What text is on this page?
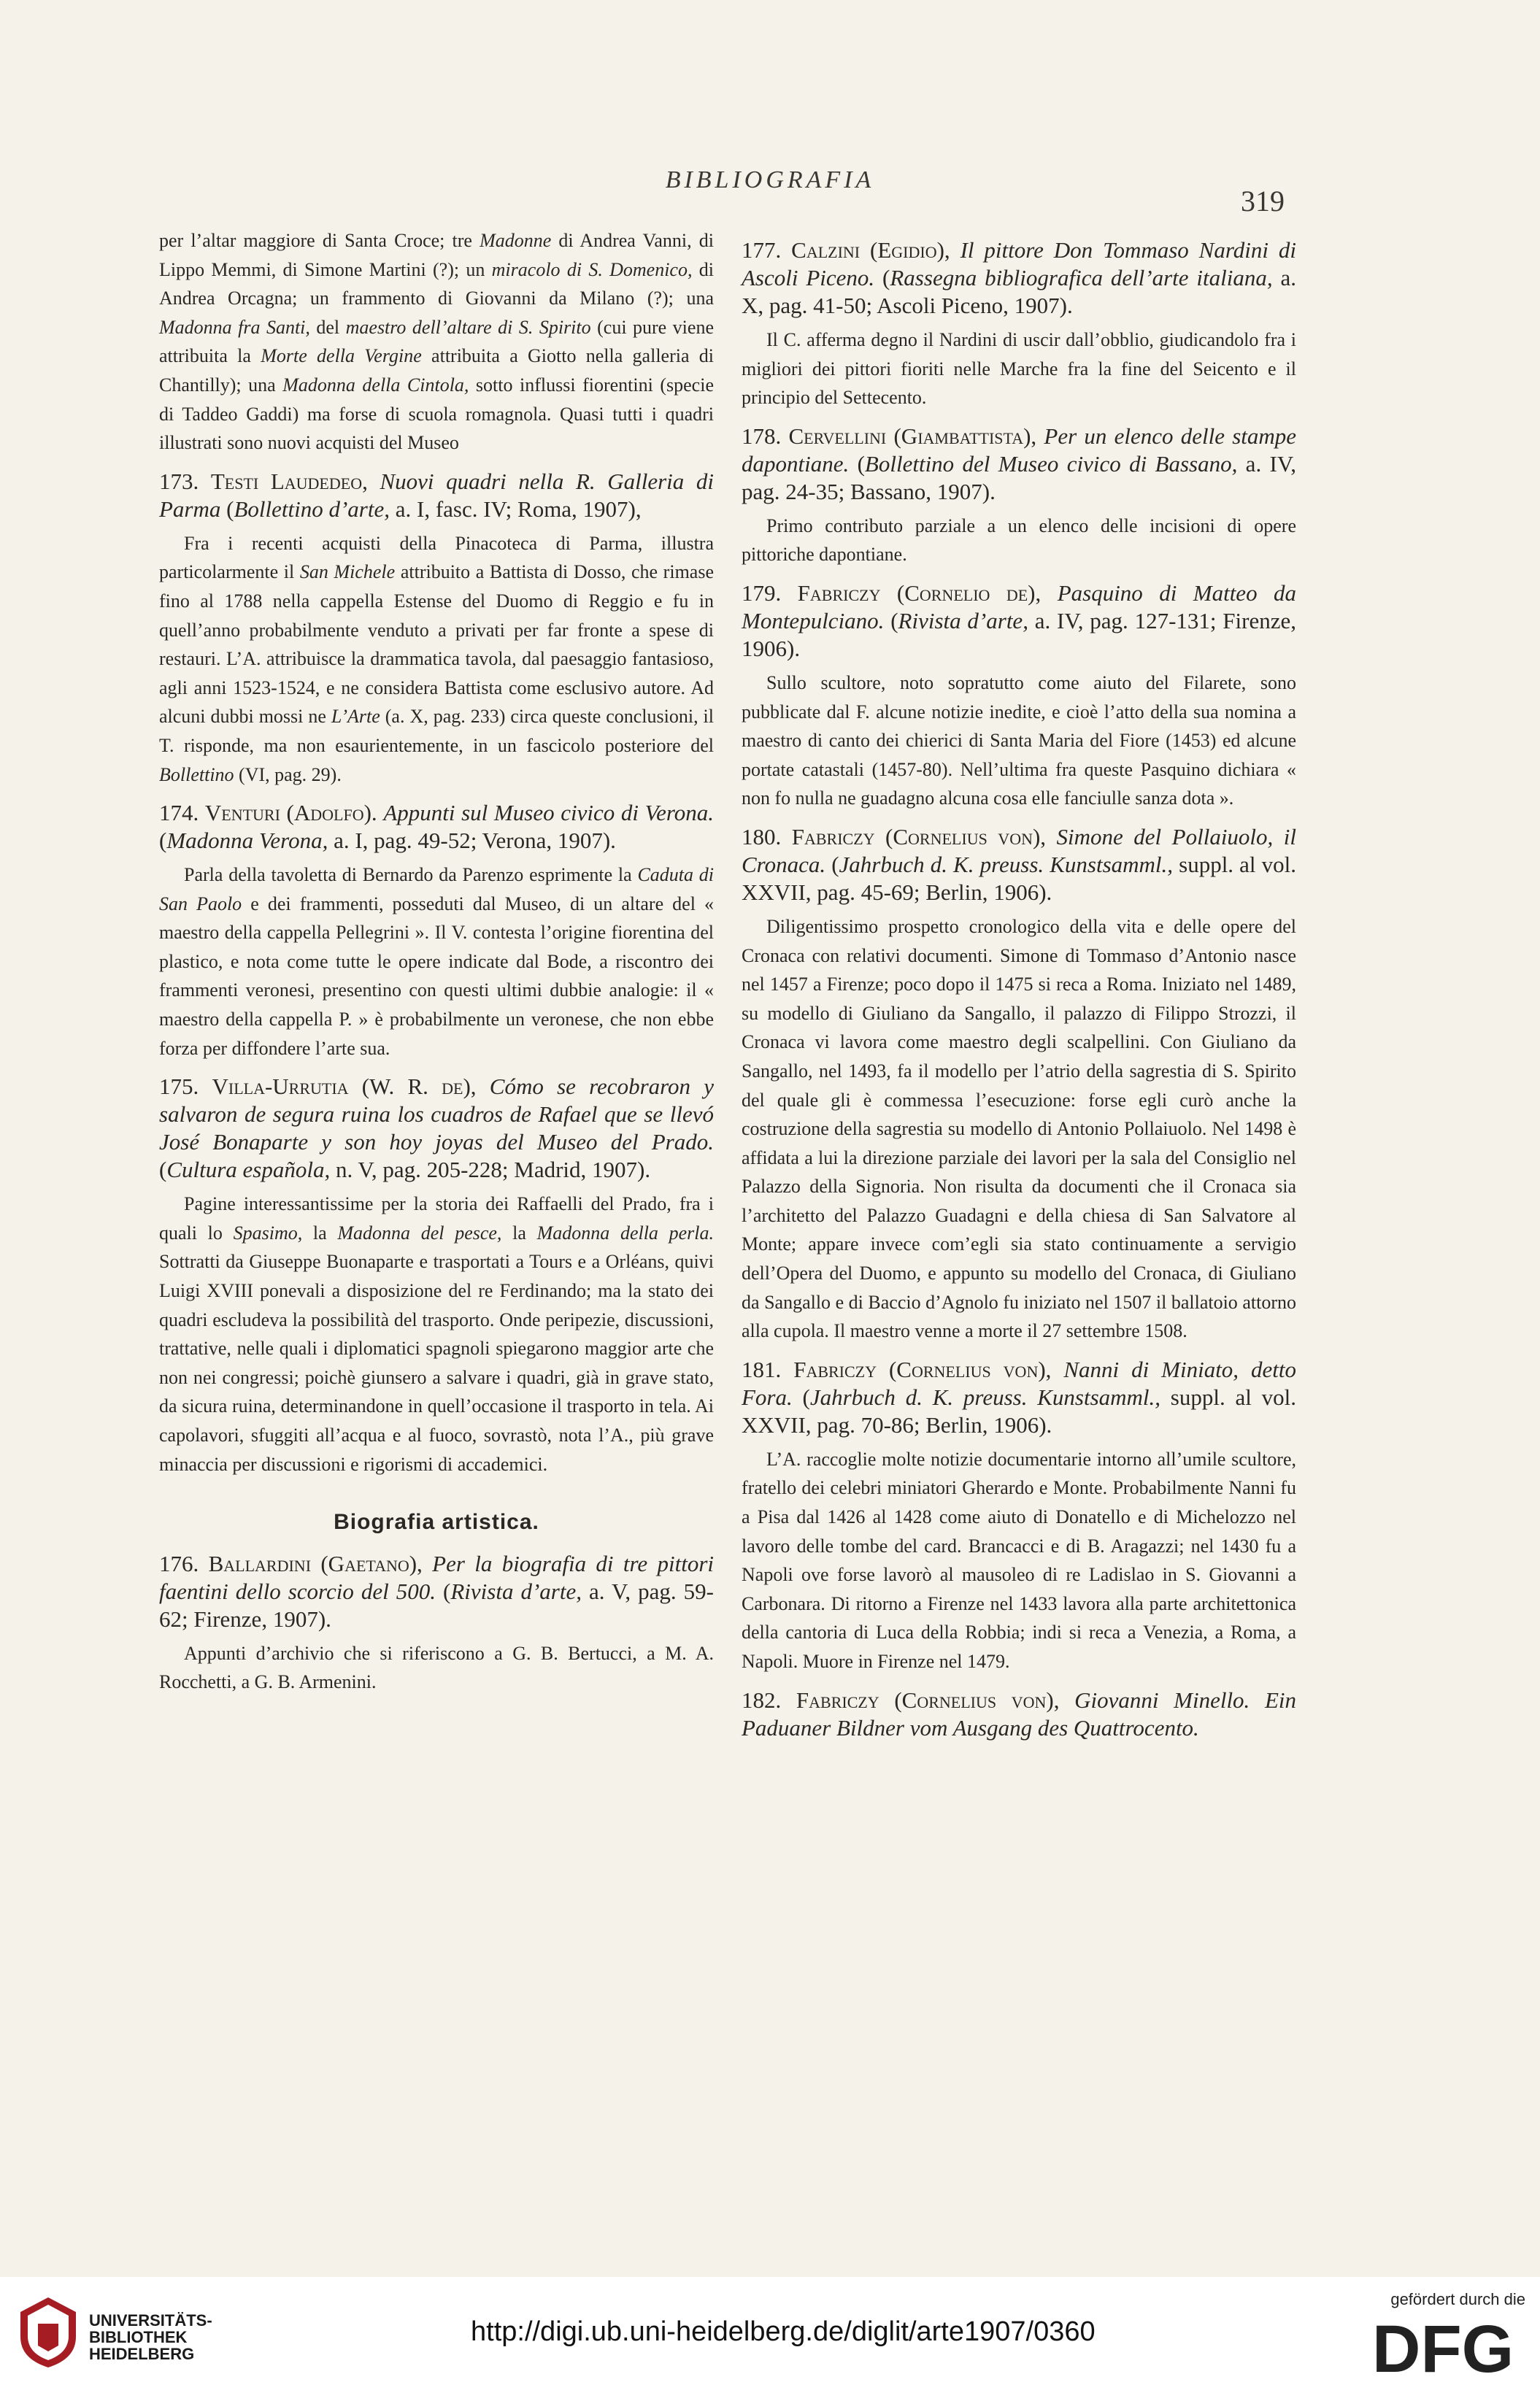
BIBLIOGRAFIA
319

per l’altar maggiore di Santa Croce; tre Madonne di Andrea Vanni, di Lippo Memmi, di Simone Martini (?); un miracolo di S. Domenico, di Andrea Orcagna; un frammento di Giovanni da Milano (?); una Madonna fra Santi, del maestro dell’altare di S. Spirito (cui pure viene attribuita la Morte della Vergine attribuita a Giotto nella galleria di Chantilly); una Madonna della Cintola, sotto influssi fiorentini (specie di Taddeo Gaddi) ma forse di scuola romagnola. Quasi tutti i quadri illustrati sono nuovi acquisti del Museo

173. Testi Laudedeo, Nuovi quadri nella R. Galleria di Parma (Bollettino d’arte, a. I, fasc. IV; Roma, 1907),

Fra i recenti acquisti della Pinacoteca di Parma, illustra particolarmente il San Michele attribuito a Battista di Dosso, che rimase fino al 1788 nella cappella Estense del Duomo di Reggio e fu in quell’anno probabilmente venduto a privati per far fronte a spese di restauri. L’A. attribuisce la drammatica tavola, dal paesaggio fantasioso, agli anni 1523-1524, e ne considera Battista come esclusivo autore. Ad alcuni dubbi mossi ne L’Arte (a. X, pag. 233) circa queste conclusioni, il T. risponde, ma non esaurientemente, in un fascicolo posteriore del Bollettino (VI, pag. 29).

174. Venturi (Adolfo). Appunti sul Museo civico di Verona. (Madonna Verona, a. I, pag. 49-52; Verona, 1907).

Parla della tavoletta di Bernardo da Parenzo esprimente la Caduta di San Paolo e dei frammenti, posseduti dal Museo, di un altare del « maestro della cappella Pellegrini ». Il V. contesta l’origine fiorentina del plastico, e nota come tutte le opere indicate dal Bode, a riscontro dei frammenti veronesi, presentino con questi ultimi dubbie analogie: il « maestro della cappella P. » è probabilmente un veronese, che non ebbe forza per diffondere l’arte sua.

175. Villa-Urrutia (W. R. de), Cómo se recobraron y salvaron de segura ruina los cuadros de Rafael que se llevó José Bonaparte y son hoy joyas del Museo del Prado. (Cultura española, n. V, pag. 205-228; Madrid, 1907).

Pagine interessantissime per la storia dei Raffaelli del Prado, fra i quali lo Spasimo, la Madonna del pesce, la Madonna della perla. Sottratti da Giuseppe Buonaparte e trasportati a Tours e a Orléans, quivi Luigi XVIII ponevali a disposizione del re Ferdinando; ma la stato dei quadri escludeva la possibilità del trasporto. Onde peripezie, discussioni, trattative, nelle quali i diplomatici spagnoli spiegarono maggior arte che non nei congressi; poichè giunsero a salvare i quadri, già in grave stato, da sicura ruina, determinandone in quell’occasione il trasporto in tela. Ai capolavori, sfuggiti all’acqua e al fuoco, sovrastò, nota l’A., più grave minaccia per discussioni e rigorismi di accademici.

Biografia artistica.

176. Ballardini (Gaetano), Per la biografia di tre pittori faentini dello scorcio del 500. (Rivista d’arte, a. V, pag. 59-62; Firenze, 1907).

Appunti d’archivio che si riferiscono a G. B. Bertucci, a M. A. Rocchetti, a G. B. Armenini.

177. Calzini (Egidio), Il pittore Don Tommaso Nardini di Ascoli Piceno. (Rassegna bibliografica dell’arte italiana, a. X, pag. 41-50; Ascoli Piceno, 1907).

Il C. afferma degno il Nardini di uscir dall’obblio, giudicandolo fra i migliori dei pittori fioriti nelle Marche fra la fine del Seicento e il principio del Settecento.

178. Cervellini (Giambattista), Per un elenco delle stampe dapontiane. (Bollettino del Museo civico di Bassano, a. IV, pag. 24-35; Bassano, 1907).

Primo contributo parziale a un elenco delle incisioni di opere pittoriche dapontiane.

179. Fabriczy (Cornelio de), Pasquino di Matteo da Montepulciano. (Rivista d’arte, a. IV, pag. 127-131; Firenze, 1906).

Sullo scultore, noto sopratutto come aiuto del Filarete, sono pubblicate dal F. alcune notizie inedite, e cioè l’atto della sua nomina a maestro di canto dei chierici di Santa Maria del Fiore (1453) ed alcune portate catastali (1457-80). Nell’ultima fra queste Pasquino dichiara « non fo nulla ne guadagno alcuna cosa elle fanciulle sanza dota ».

180. Fabriczy (Cornelius von), Simone del Pollaiuolo, il Cronaca. (Jahrbuch d. K. preuss. Kunstsamml., suppl. al vol. XXVII, pag. 45-69; Berlin, 1906).

Diligentissimo prospetto cronologico della vita e delle opere del Cronaca con relativi documenti. Simone di Tommaso d’Antonio nasce nel 1457 a Firenze; poco dopo il 1475 si reca a Roma. Iniziato nel 1489, su modello di Giuliano da Sangallo, il palazzo di Filippo Strozzi, il Cronaca vi lavora come maestro degli scalpellini. Con Giuliano da Sangallo, nel 1493, fa il modello per l’atrio della sagrestia di S. Spirito del quale gli è commessa l’esecuzione: forse egli curò anche la costruzione della sagrestia su modello di Antonio Pollaiuolo. Nel 1498 è affidata a lui la direzione parziale dei lavori per la sala del Consiglio nel Palazzo della Signoria. Non risulta da documenti che il Cronaca sia l’architetto del Palazzo Guadagni e della chiesa di San Salvatore al Monte; appare invece com’egli sia stato continuamente a servigio dell’Opera del Duomo, e appunto su modello del Cronaca, di Giuliano da Sangallo e di Baccio d’Agnolo fu iniziato nel 1507 il ballatoio attorno alla cupola. Il maestro venne a morte il 27 settembre 1508.

181. Fabriczy (Cornelius von), Nanni di Miniato, detto Fora. (Jahrbuch d. K. preuss. Kunstsamml., suppl. al vol. XXVII, pag. 70-86; Berlin, 1906).

L’A. raccoglie molte notizie documentarie intorno all’umile scultore, fratello dei celebri miniatori Gherardo e Monte. Probabilmente Nanni fu a Pisa dal 1426 al 1428 come aiuto di Donatello e di Michelozzo nel lavoro delle tombe del card. Brancacci e di B. Aragazzi; nel 1430 fu a Napoli ove forse lavorò al mausoleo di re Ladislao in S. Giovanni a Carbonara. Di ritorno a Firenze nel 1433 lavora alla parte architettonica della cantoria di Luca della Robbia; indi si reca a Venezia, a Roma, a Napoli. Muore in Firenze nel 1479.

182. Fabriczy (Cornelius von), Giovanni Minello. Ein Paduaner Bildner vom Ausgang des Quattrocento.

UNIVERSITÄTS-
BIBLIOTHEK
HEIDELBERG
http://digi.ub.uni-heidelberg.de/diglit/arte1907/0360
gefördert durch die
DFG
